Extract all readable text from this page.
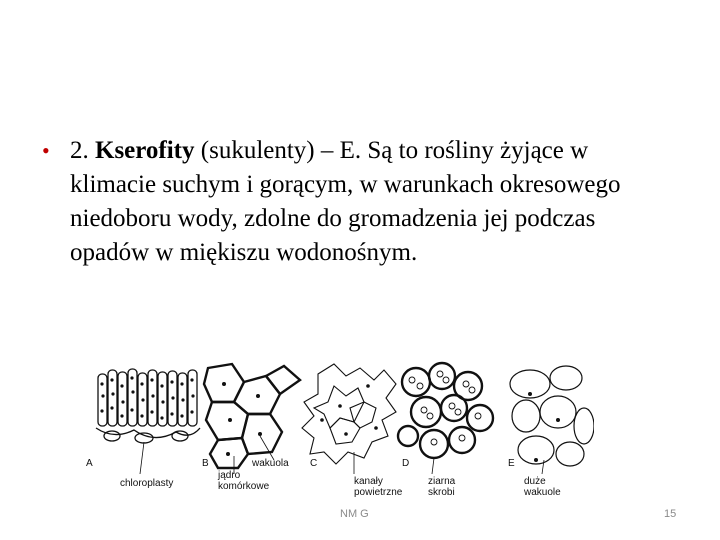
• 2. Kserofity (sukulenty) – E. Są to rośliny żyjące w klimacie suchym i gorącym, w warunkach okresowego niedoboru wody, zdolne do gromadzenia jej podczas opadów w miękiszu wodonośnym.
A	B	C	D	E
chloroplasty
wakuola
jądro
komórkowe	kanały
powietrzne
ziarna
skrobi
duże
wakuole
NM G	15
